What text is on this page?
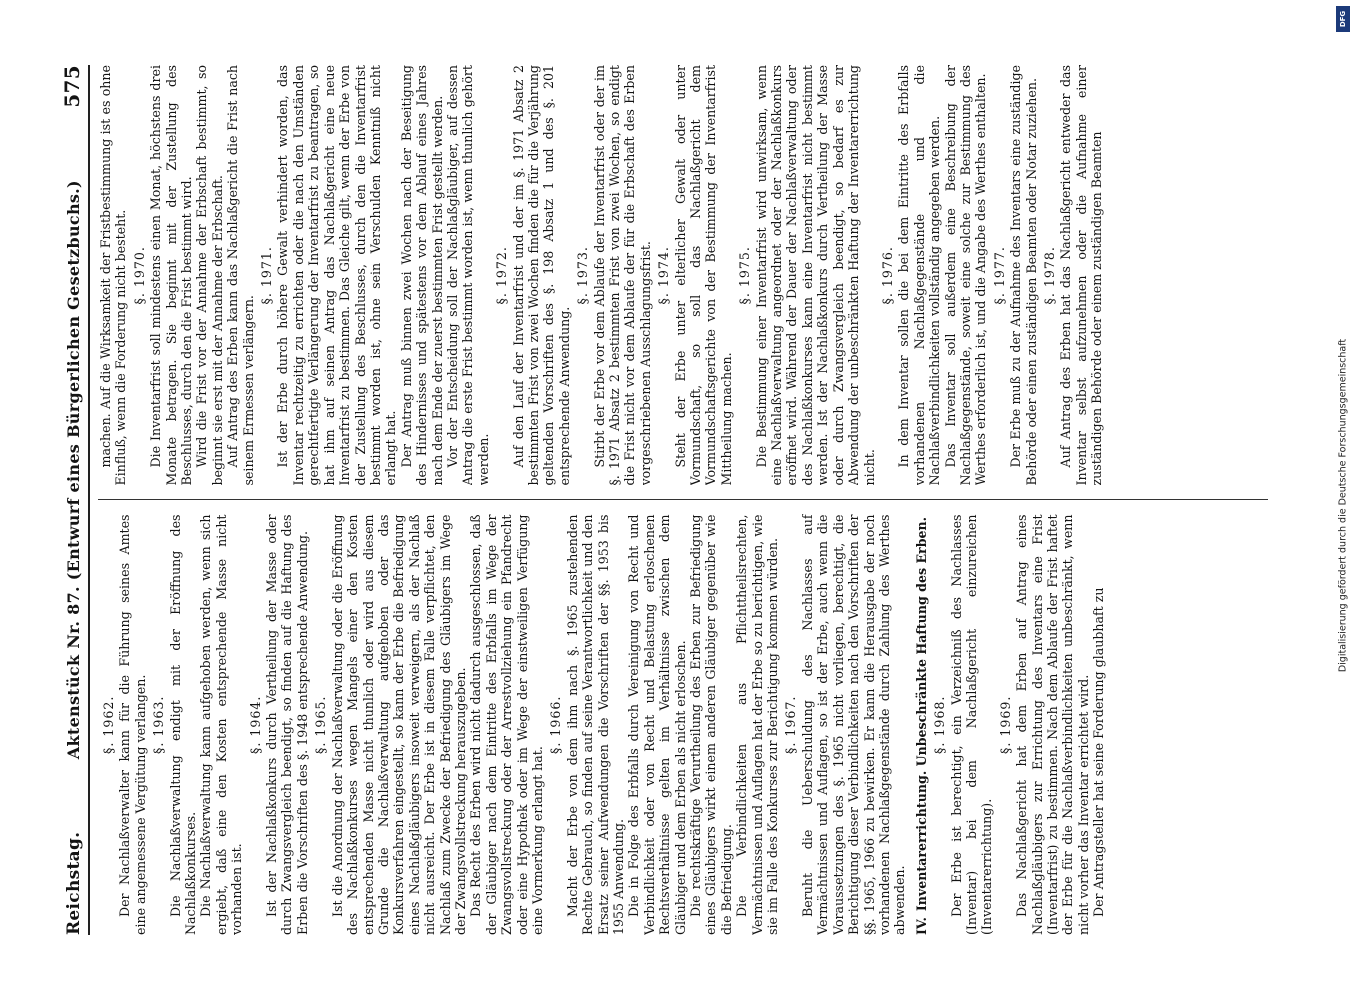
Reichstag.
Aktenstück Nr. 87. (Entwurf eines Bürgerlichen Gesetzbuchs.)
575

§. 1962. Der Nachlaßverwalter kann für die Führung seines Amtes eine angemessene Vergütung verlangen. §. 1963. Die Nachlaßverwaltung endigt mit der Eröffnung des Nachlaßkonkurses. Die Nachlaßverwaltung kann aufgehoben werden, wenn sich ergiebt, daß eine den Kosten entsprechende Masse nicht vorhanden ist.

§. 1964. Ist der Nachlaßkonkurs durch Vertheilung der Masse oder durch Zwangsvergleich beendigt, so finden auf die Haftung des Erben die Vorschriften des §. 1948 entsprechende Anwendung. §. 1965. Ist die Anordnung der Nachlaßverwaltung oder die Eröffnung des Nachlaßkonkurses wegen Mangels einer den Kosten entsprechenden Masse nicht thunlich oder wird aus diesem Grunde die Nachlaßverwaltung aufgehoben oder das Konkursverfahren eingestellt, so kann der Erbe die Befriedigung eines Nachlaßgläubigers insoweit verweigern, als der Nachlaß nicht ausreicht. Der Erbe ist in diesem Falle verpflichtet, den Nachlaß zum Zwecke der Befriedigung des Gläubigers im Wege der Zwangsvollstreckung herauszugeben. Das Recht des Erben wird nicht dadurch ausgeschlossen, daß der Gläubiger nach dem Eintritte des Erbfalls im Wege der Zwangsvollstreckung oder der Arrestvollziehung ein Pfandrecht oder eine Hypothek oder im Wege der einstweiligen Verfügung eine Vormerkung erlangt hat.

§. 1966. Macht der Erbe von dem ihm nach §. 1965 zustehenden Rechte Gebrauch, so finden auf seine Verantwortlichkeit und den Ersatz seiner Aufwendungen die Vorschriften der §§. 1953 bis 1955 Anwendung. Die in Folge des Erbfalls durch Vereinigung von Recht und Verbindlichkeit oder von Recht und Belastung erloschenen Rechtsverhältnisse gelten im Verhältnisse zwischen dem Gläubiger und dem Erben als nicht erloschen. Die rechtskräftige Verurtheilung des Erben zur Befriedigung eines Gläubigers wirkt einem anderen Gläubiger gegenüber wie die Befriedigung. Die Verbindlichkeiten aus Pflichttheilsrechten, Vermächtnissen und Auflagen hat der Erbe so zu berichtigen, wie sie im Falle des Konkurses zur Berichtigung kommen würden. §. 1967. Beruht die Ueberschuldung des Nachlasses auf Vermächtnissen und Auflagen, so ist der Erbe, auch wenn die Voraussetzungen des §. 1965 nicht vorliegen, berechtigt, die Berichtigung dieser Verbindlichkeiten nach den Vorschriften der §§. 1965, 1966 zu bewirken. Er kann die Herausgabe der noch vorhandenen Nachlaßgegenstände durch Zahlung des Werthes abwenden. IV.Inventarerrichtung. Unbeschränkte Haftung des Erben. §. 1968. Der Erbe ist berechtigt, ein Verzeichniß des Nachlasses (Inventar) bei dem Nachlaßgericht einzureichen (Inventarerrichtung).

§. 1969. Das Nachlaßgericht hat dem Erben auf Antrag eines Nachlaßgläubigers zur Errichtung des Inventars eine Frist (Inventarfrist) zu bestimmen. Nach dem Ablaufe der Frist haftet der Erbe für die Nachlaßverbindlichkeiten unbeschränkt, wenn nicht vorher das Inventar errichtet wird. Der Antragsteller hat seine Forderung glaubhaft zu

machen. Auf die Wirksamkeit der Fristbestimmung ist es ohne Einfluß, wenn die Forderung nicht besteht. §. 1970. Die Inventarfrist soll mindestens einen Monat, höchstens drei Monate betragen. Sie beginnt mit der Zustellung des Beschlusses, durch den die Frist bestimmt wird. Wird die Frist vor der Annahme der Erbschaft bestimmt, so beginnt sie erst mit der Annahme der Erbschaft. Auf Antrag des Erben kann das Nachlaßgericht die Frist nach seinem Ermessen verlängern.

§. 1971. Ist der Erbe durch höhere Gewalt verhindert worden, das Inventar rechtzeitig zu errichten oder die nach den Umständen gerechtfertigte Verlängerung der Inventarfrist zu beantragen, so hat ihm auf seinen Antrag das Nachlaßgericht eine neue Inventarfrist zu bestimmen. Das Gleiche gilt, wenn der Erbe von der Zustellung des Beschlusses, durch den die Inventarfrist bestimmt worden ist, ohne sein Verschulden Kenntniß nicht erlangt hat. Der Antrag muß binnen zwei Wochen nach der Beseitigung des Hindernisses und spätestens vor dem Ablauf eines Jahres nach dem Ende der zuerst bestimmten Frist gestellt werden. Vor der Entscheidung soll der Nachlaßgläubiger, auf dessen Antrag die erste Frist bestimmt worden ist, wenn thunlich gehört werden.

§. 1972. Auf den Lauf der Inventarfrist und der im §. 1971 Absatz 2 bestimmten Frist von zwei Wochen finden die für die Verjährung geltenden Vorschriften des §. 198 Absatz 1 und des §. 201 entsprechende Anwendung.

§. 1973. Stirbt der Erbe vor dem Ablaufe der Inventarfrist oder der im §. 1971 Absatz 2 bestimmten Frist von zwei Wochen, so endigt die Frist nicht vor dem Ablaufe der für die Erbschaft des Erben vorgeschriebenen Ausschlagungsfrist. §. 1974. Steht der Erbe unter elterlicher Gewalt oder unter Vormundschaft, so soll das Nachlaßgericht dem Vormundschaftsgerichte von der Bestimmung der Inventarfrist Mittheilung machen.

§. 1975. Die Bestimmung einer Inventarfrist wird unwirksam, wenn eine Nachlaßverwaltung angeordnet oder der Nachlaßkonkurs eröffnet wird. Während der Dauer der Nachlaßverwaltung oder des Nachlaßkonkurses kann eine Inventarfrist nicht bestimmt werden. Ist der Nachlaßkonkurs durch Vertheilung der Masse oder durch Zwangsvergleich beendigt, so bedarf es zur Abwendung der unbeschränkten Haftung der Inventarerrichtung nicht.

§. 1976. In dem Inventar sollen die bei dem Eintritte des Erbfalls vorhandenen Nachlaßgegenstände und die Nachlaßverbindlichkeiten vollständig angegeben werden. Das Inventar soll außerdem eine Beschreibung der Nachlaßgegenstände, soweit eine solche zur Bestimmung des Werthes erforderlich ist, und die Angabe des Werthes enthalten. §. 1977. Der Erbe muß zu der Aufnahme des Inventars eine zuständige Behörde oder einen zuständigen Beamten oder Notar zuziehen. §. 1978. Auf Antrag des Erben hat das Nachlaßgericht entweder das Inventar selbst aufzunehmen oder die Aufnahme einer zuständigen Behörde oder einem zuständigen Beamten

DFG
Digitalisierung gefördert durch die Deutsche Forschungsgemeinschaft
